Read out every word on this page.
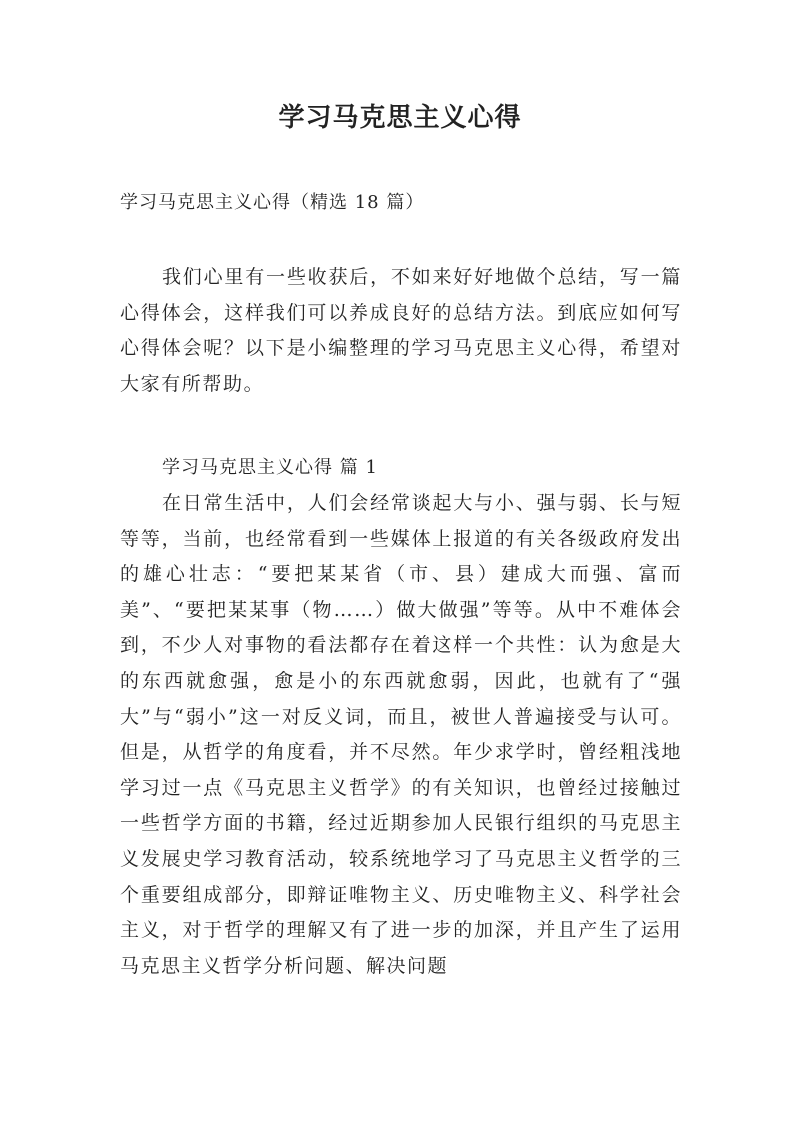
学习马克思主义心得

学习马克思主义心得（精选 18 篇）

我们心里有一些收获后，不如来好好地做个总结，写一篇心得体会，这样我们可以养成良好的总结方法。到底应如何写心得体会呢？以下是小编整理的学习马克思主义心得，希望对大家有所帮助。

学习马克思主义心得 篇 1

在日常生活中，人们会经常谈起大与小、强与弱、长与短等等，当前，也经常看到一些媒体上报道的有关各级政府发出的雄心壮志：“要把某某省（市、县）建成大而强、富而美”、“要把某某事（物……）做大做强”等等。从中不难体会到，不少人对事物的看法都存在着这样一个共性：认为愈是大的东西就愈强，愈是小的东西就愈弱，因此，也就有了“强大”与“弱小”这一对反义词，而且，被世人普遍接受与认可。但是，从哲学的角度看，并不尽然。年少求学时，曾经粗浅地学习过一点《马克思主义哲学》的有关知识，也曾经过接触过一些哲学方面的书籍，经过近期参加人民银行组织的马克思主义发展史学习教育活动，较系统地学习了马克思主义哲学的三个重要组成部分，即辩证唯物主义、历史唯物主义、科学社会主义，对于哲学的理解又有了进一步的加深，并且产生了运用马克思主义哲学分析问题、解决问题
